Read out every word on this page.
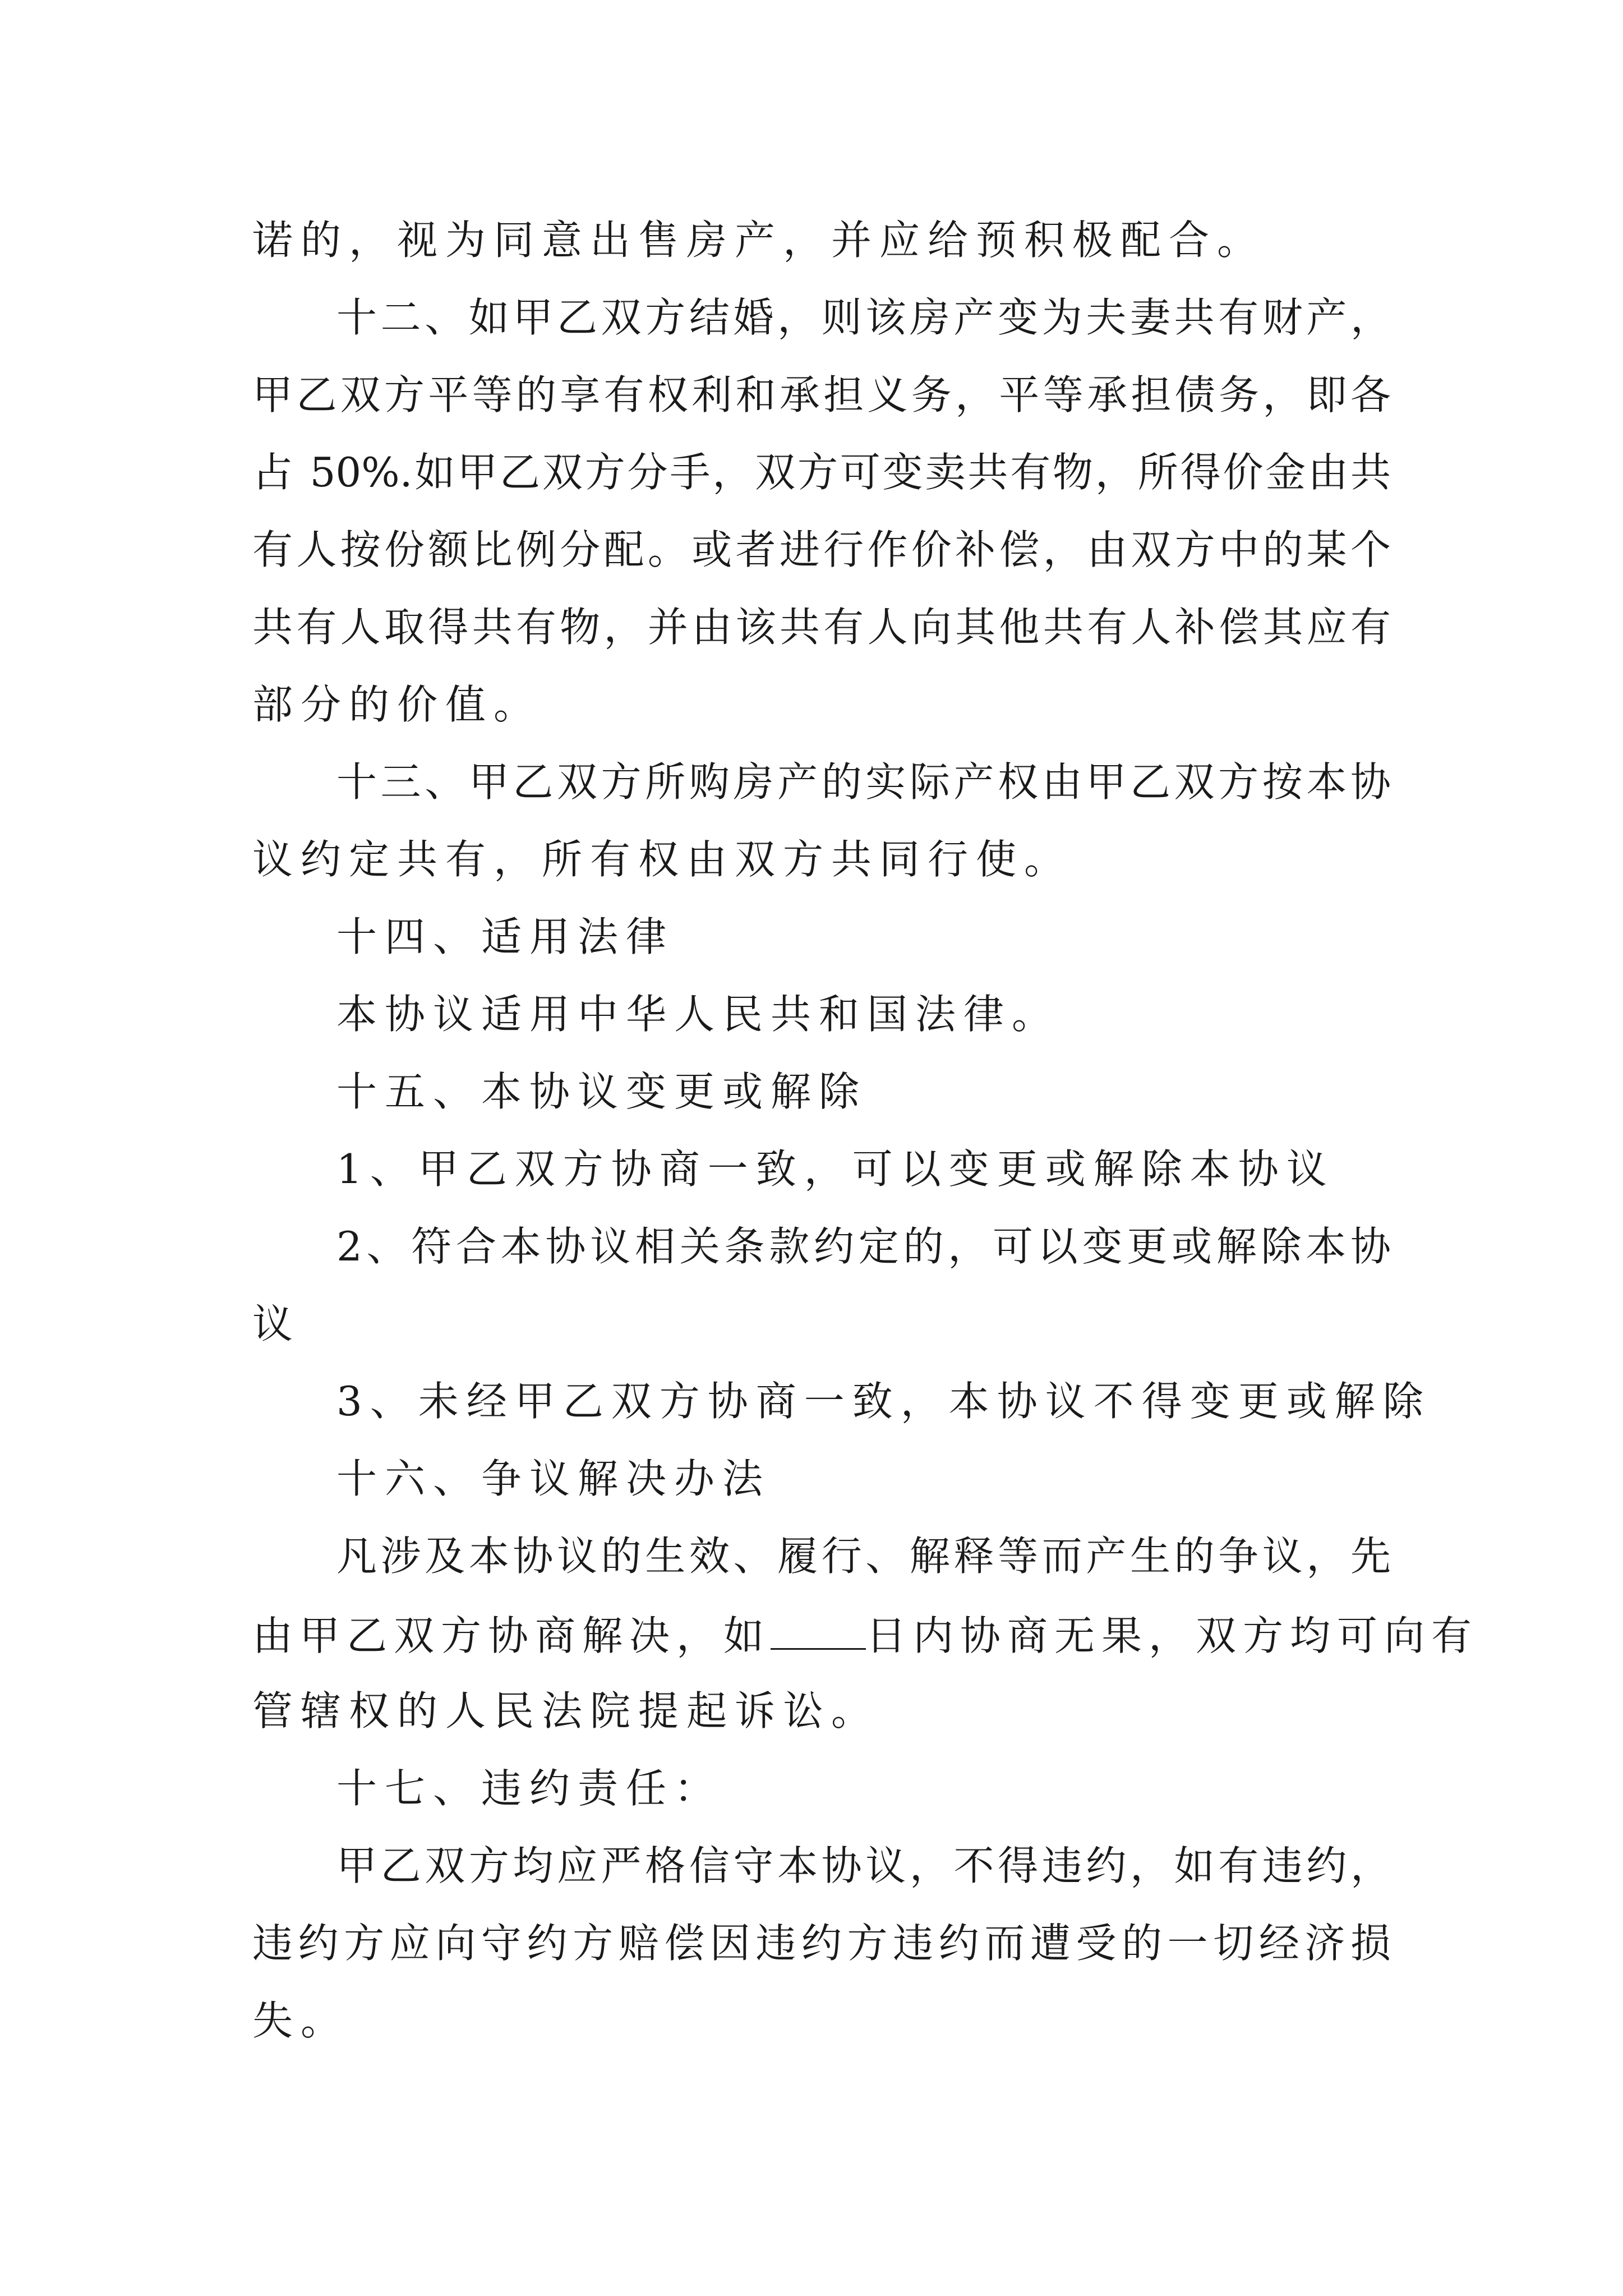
诺的，视为同意出售房产，并应给预积极配合。
十二、如甲乙双方结婚，则该房产变为夫妻共有财产，
甲乙双方平等的享有权利和承担义务，平等承担债务，即各
占 50%.如甲乙双方分手，双方可变卖共有物，所得价金由共
有人按份额比例分配。或者进行作价补偿，由双方中的某个
共有人取得共有物，并由该共有人向其他共有人补偿其应有
部分的价值。
十三、甲乙双方所购房产的实际产权由甲乙双方按本协
议约定共有，所有权由双方共同行使。
十四、适用法律
本协议适用中华人民共和国法律。
十五、本协议变更或解除
1、甲乙双方协商一致，可以变更或解除本协议
2、符合本协议相关条款约定的，可以变更或解除本协
议
3、未经甲乙双方协商一致，本协议不得变更或解除
十六、争议解决办法
凡涉及本协议的生效、履行、解释等而产生的争议，先
由甲乙双方协商解决，如 日内协商无果，双方均可向有
管辖权的人民法院提起诉讼。
十七、违约责任：
甲乙双方均应严格信守本协议，不得违约，如有违约，
违约方应向守约方赔偿因违约方违约而遭受的一切经济损
失。
